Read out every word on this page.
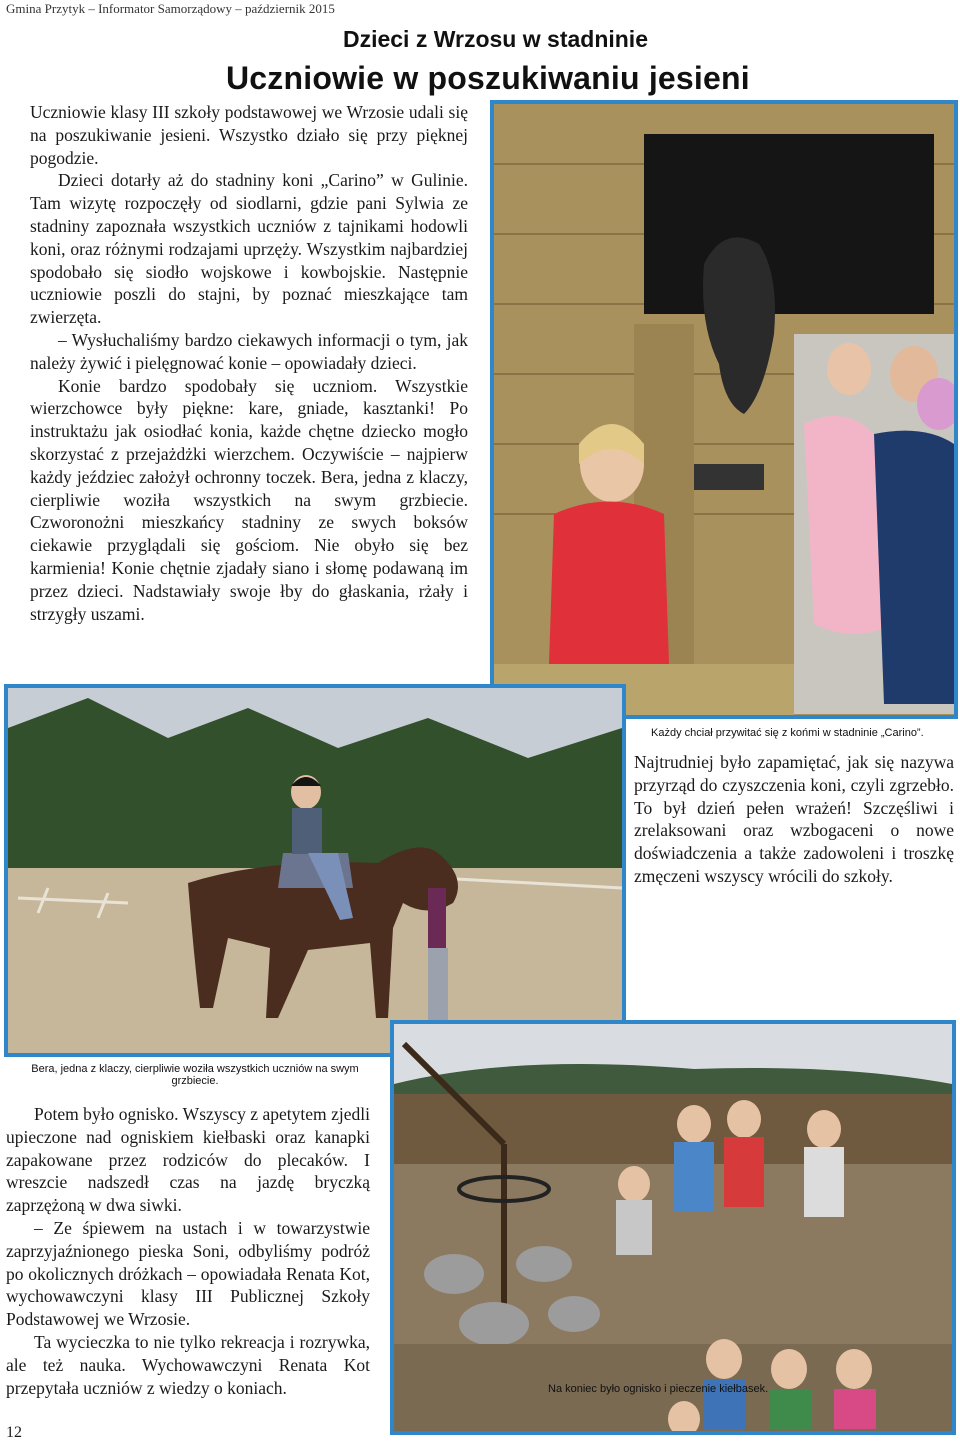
Gmina Przytyk – Informator Samorządowy – październik 2015
Dzieci z Wrzosu w stadninie
Uczniowie w poszukiwaniu jesieni

Uczniowie klasy III szkoły podstawowej we Wrzosie udali się na poszukiwanie jesieni. Wszystko działo się przy pięknej pogodzie.

Dzieci dotarły aż do stadniny koni „Carino” w Gulinie. Tam wizytę rozpoczęły od siodlarni, gdzie pani Sylwia ze stadniny zapoznała wszystkich uczniów z tajnikami hodowli koni, oraz różnymi rodzajami uprzęży. Wszystkim najbardziej spodobało się siodło wojskowe i kowbojskie. Następnie uczniowie poszli do stajni, by poznać mieszkające tam zwierzęta.

– Wysłuchaliśmy bardzo ciekawych informacji o tym, jak należy żywić i pielęgnować konie – opowiadały dzieci.

Konie bardzo spodobały się uczniom. Wszystkie wierzchowce były piękne: kare, gniade, kasztanki! Po instruktażu jak osiodłać konia, każde chętne dziecko mogło skorzystać z przejażdżki wierzchem. Oczywiście – najpierw każdy jeździec założył ochronny toczek. Bera, jedna z klaczy, cierpliwie woziła wszystkich na swym grzbiecie. Czworonożni mieszkańcy stadniny ze swych boksów ciekawie przyglądali się gościom. Nie obyło się bez karmienia! Konie chętnie zjadały siano i słomę podawaną im przez dzieci. Nadstawiały swoje łby do głaskania, rżały i strzygły uszami.

Każdy chciał przywitać się z końmi w stadninie „Carino”.

Najtrudniej było zapamiętać, jak się nazywa przyrząd do czyszczenia koni, czyli zgrzebło. To był dzień pełen wrażeń! Szczęśliwi i zrelaksowani oraz wzbogaceni o nowe doświadczenia a także zadowoleni i troszkę zmęczeni wszyscy wrócili do szkoły.

Bera, jedna z klaczy, cierpliwie woziła wszystkich uczniów na swym grzbiecie.

Potem było ognisko. Wszyscy z apetytem zjedli upieczone nad ogniskiem kiełbaski oraz kanapki zapakowane przez rodziców do plecaków. I wreszcie nadszedł czas na jazdę bryczką zaprzężoną w dwa siwki.

– Ze śpiewem na ustach i w towarzystwie zaprzyjaźnionego pieska Soni, odbyliśmy podróż po okolicznych dróżkach – opowiadała Renata Kot, wychowawczyni klasy III Publicznej Szkoły Podstawowej we Wrzosie.

Ta wycieczka to nie tylko rekreacja i rozrywka, ale też nauka. Wychowawczyni Renata Kot przepytała uczniów z wiedzy o koniach.	Na koniec było ognisko i pieczenie kiełbasek.
12
